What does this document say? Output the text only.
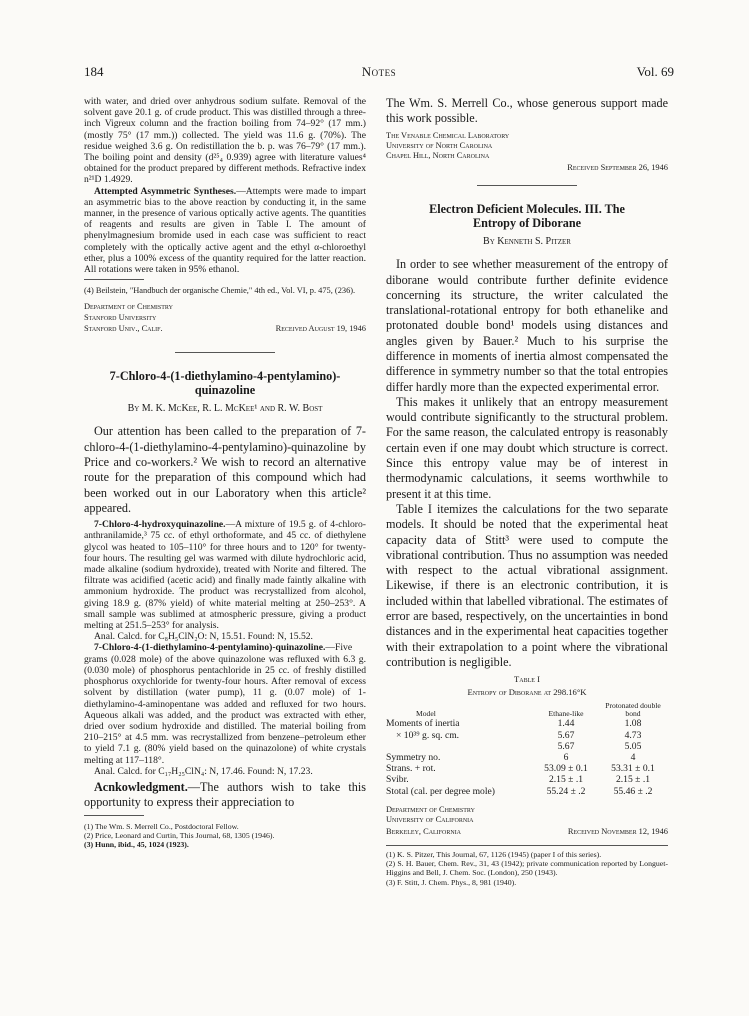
184	Notes	Vol. 69

with water, and dried over anhydrous sodium sulfate. Removal of the solvent gave 20.1 g. of crude product. This was distilled through a three-inch Vigreux column and the fraction boiling from 74–92° (17 mm.) (mostly 75° (17 mm.)) collected. The yield was 11.6 g. (70%). The residue weighed 3.6 g. On redistillation the b. p. was 76–79° (17 mm.). The boiling point and density (d²⁵₄ 0.939) agree with literature values⁴ obtained for the product prepared by different methods. Refractive index n²¹D 1.4929.

Attempted Asymmetric Syntheses.—Attempts were made to impart an asymmetric bias to the above reaction by conducting it, in the same manner, in the presence of various optically active agents. The quantities of reagents and results are given in Table I. The amount of phenylmagnesium bromide used in each case was sufficient to react completely with the optically active agent and the ethyl α-chloroethyl ether, plus a 100% excess of the quantity required for the latter reaction. All rotations were taken in 95% ethanol.

(4) Beilstein, "Handbuch der organische Chemie," 4th ed., Vol. VI, p. 475, (236).

Department of Chemistry

Stanford University

Stanford Univ., Calif.	Received August 19, 1946

7-Chloro-4-(1-diethylamino-4-pentylamino)-quinazoline

By M. K. McKee, R. L. McKee¹ and R. W. Bost

Our attention has been called to the preparation of 7-chloro-4-(1-diethylamino-4-pentylamino)-quinazoline by Price and co-workers.² We wish to record an alternative route for the preparation of this compound which had been worked out in our Laboratory when this article² appeared.

7-Chloro-4-hydroxyquinazoline.—A mixture of 19.5 g. of 4-chloro-anthranilamide,³ 75 cc. of ethyl orthoformate, and 45 cc. of diethylene glycol was heated to 105–110° for three hours and to 120° for twenty-four hours. The resulting gel was warmed with dilute hydrochloric acid, made alkaline (sodium hydroxide), treated with Norite and filtered. The filtrate was acidified (acetic acid) and finally made faintly alkaline with ammonium hydroxide. The product was recrystallized from alcohol, giving 18.9 g. (87% yield) of white material melting at 250–253°. A small sample was sublimed at atmospheric pressure, giving a product melting at 251.5–253° for analysis.

Anal. Calcd. for C₈H₅ClN₂O: N, 15.51. Found: N, 15.52.

7-Chloro-4-(1-diethylamino-4-pentylamino)-quinazoline.—Five grams (0.028 mole) of the above quinazolone was refluxed with 6.3 g. (0.030 mole) of phosphorus pentachloride in 25 cc. of freshly distilled phosphorus oxychloride for twenty-four hours. After removal of excess solvent by distillation (water pump), 11 g. (0.07 mole) of 1-diethylamino-4-aminopentane was added and refluxed for two hours. Aqueous alkali was added, and the product was extracted with ether, dried over sodium hydroxide and distilled. The material boiling from 210–215° at 4.5 mm. was recrystallized from benzene–petroleum ether to yield 7.1 g. (80% yield based on the quinazolone) of white crystals melting at 117–118°.

Anal. Calcd. for C₁₇H₂₅ClN₄: N, 17.46. Found: N, 17.23.

Acnkowledgment.—The authors wish to take this opportunity to express their appreciation to

(1) The Wm. S. Merrell Co., Postdoctoral Fellow.

(2) Price, Leonard and Curtin, This Journal, 68, 1305 (1946).

(3) Hunn, ibid., 45, 1024 (1923).

The Wm. S. Merrell Co., whose generous support made this work possible.

The Venable Chemical Laboratory

University of North Carolina

Chapel Hill, North Carolina

Received September 26, 1946

Electron Deficient Molecules. III. The

Entropy of Diborane

By Kenneth S. Pitzer

In order to see whether measurement of the entropy of diborane would contribute further definite evidence concerning its structure, the writer calculated the translational-rotational entropy for both ethanelike and protonated double bond¹ models using distances and angles given by Bauer.² Much to his surprise the difference in moments of inertia almost compensated the difference in symmetry number so that the total entropies differ hardly more than the expected experimental error.

This makes it unlikely that an entropy measurement would contribute significantly to the structural problem. For the same reason, the calculated entropy is reasonably certain even if one may doubt which structure is correct. Since this entropy value may be of interest in thermodynamic calculations, it seems worthwhile to present it at this time.

Table I itemizes the calculations for the two separate models. It should be noted that the experimental heat capacity data of Stitt³ were used to compute the vibrational contribution. Thus no assumption was needed with respect to the actual vibrational assignment. Likewise, if there is an electronic contribution, it is included within that labelled vibrational. The estimates of error are based, respectively, on the uncertainties in bond distances and in the experimental heat capacities together with their extrapolation to a point where the vibrational contribution is negligible.

Table I

Entropy of Diborane at 298.16°K

Model	Ethane-like	Protonated double bond
Moments of inertia	1.44	1.08
× 10³⁹ g. sq. cm.	5.67	4.73
	5.67	5.05
Symmetry no.	6	4
Strans. + rot.	53.09 ± 0.1	53.31 ± 0.1
Svibr.	2.15 ± .1	2.15 ± .1
Stotal (cal. per degree mole)	55.24 ± .2	55.46 ± .2

Department of Chemistry

University of California

Berkeley, California	Received November 12, 1946

(1) K. S. Pitzer, This Journal, 67, 1126 (1945) (paper I of this series).

(2) S. H. Bauer, Chem. Rev., 31, 43 (1942); private communication reported by Longuet-Higgins and Bell, J. Chem. Soc. (London), 250 (1943).

(3) F. Stitt, J. Chem. Phys., 8, 981 (1940).
